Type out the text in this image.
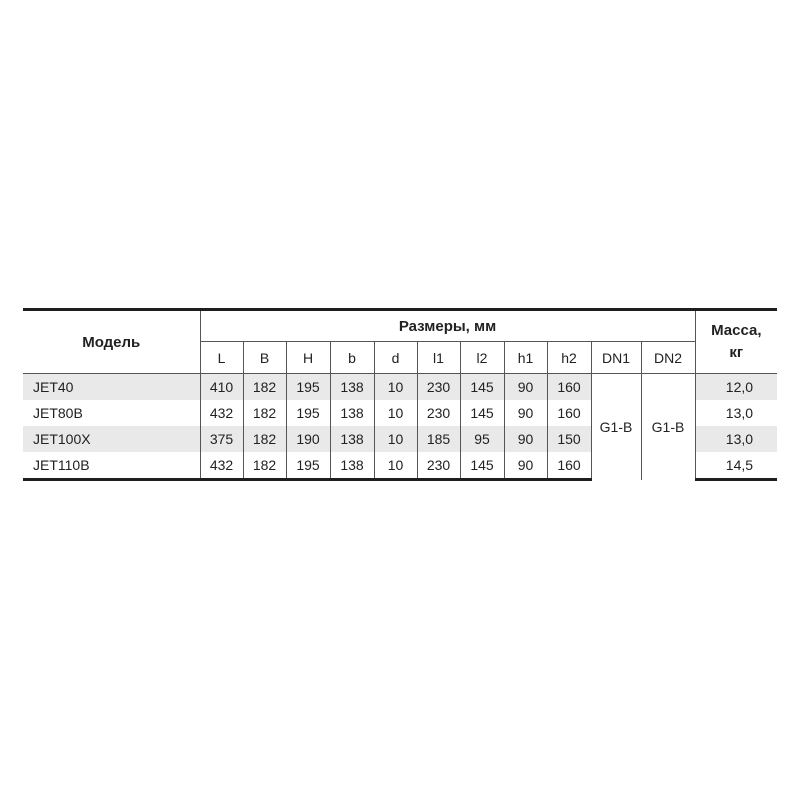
Модель	Размеры, мм											Масса,
кг
	L	B	H	b	d	l1	l2	h1	h2	DN1	DN2	
JET40	410	182	195	138	10	230	145	90	160	G1-B	G1-B	12,0
JET80B	432	182	195	138	10	230	145	90	160			13,0
JET100X	375	182	190	138	10	185	95	90	150			13,0
JET110B	432	182	195	138	10	230	145	90	160			14,5
